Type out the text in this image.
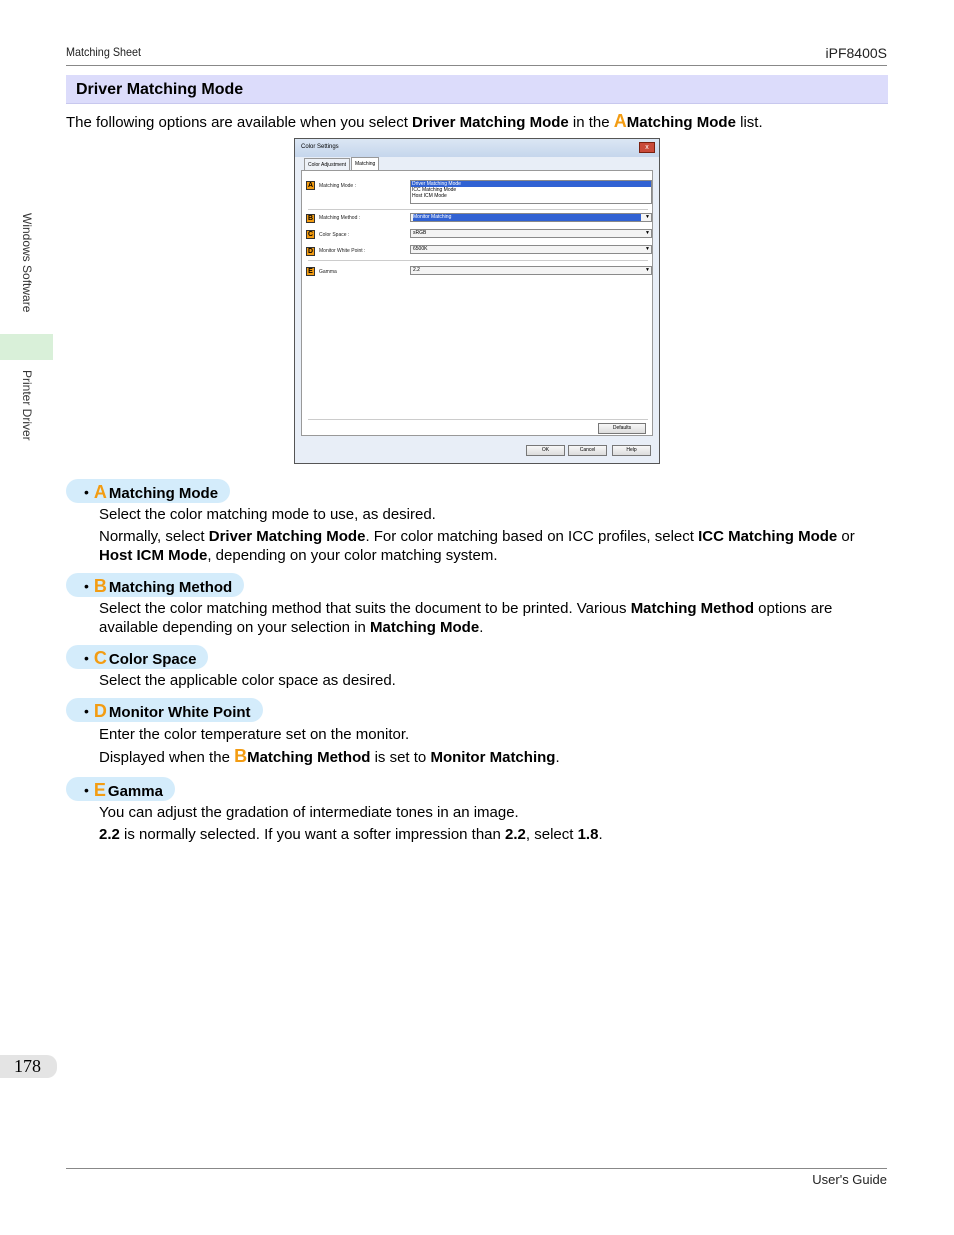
Matching Sheet	iPF8400S
Windows Software
Printer Driver
Driver Matching Mode
The following options are available when you select Driver Matching Mode in the AMatching Mode list.
Color Settings	x
Color Adjustment	Matching
A	Matching Mode :	Driver Matching Mode
ICC Matching Mode
Host ICM Mode
B	Matching Method :	Monitor Matching	▼
C	Color Space :	sRGB	▼
D	Monitor White Point :	6500K	▼
E	Gamma	2.2	▼
Defaults
OK	Cancel	Help
• A Matching Mode
Select the color matching mode to use, as desired.
Normally, select Driver Matching Mode. For color matching based on ICC profiles, select ICC Matching Mode or Host ICM Mode, depending on your color matching system.
• B Matching Method
Select the color matching method that suits the document to be printed. Various Matching Method options are available depending on your selection in Matching Mode.
• C Color Space
Select the applicable color space as desired.
• D Monitor White Point
Enter the color temperature set on the monitor.
Displayed when the BMatching Method is set to Monitor Matching.
• E Gamma
You can adjust the gradation of intermediate tones in an image.
2.2 is normally selected. If you want a softer impression than 2.2, select 1.8.
178
User's Guide
